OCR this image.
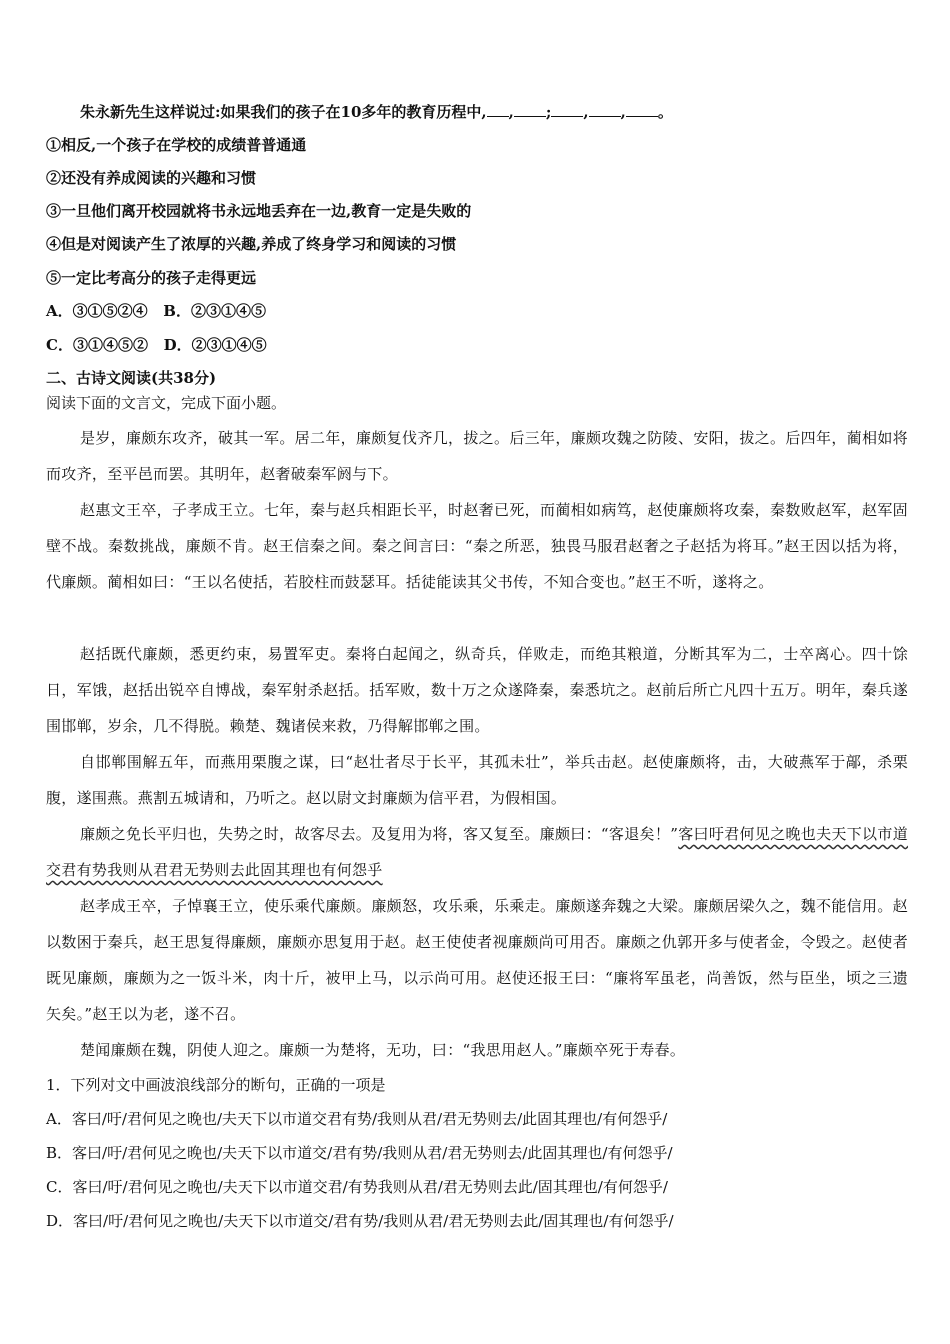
朱永新先生这样说过:如果我们的孩子在10多年的教育历程中, , ; , , 。
①相反,一个孩子在学校的成绩普普通通
②还没有养成阅读的兴趣和习惯
③一旦他们离开校园就将书永远地丢弃在一边,教育一定是失败的
④但是对阅读产生了浓厚的兴趣,养成了终身学习和阅读的习惯
⑤一定比考高分的孩子走得更远
A．③①⑤②④   B．②③①④⑤
C．③①④⑤②   D．②③①④⑤
二、古诗文阅读(共38分)
阅读下面的文言文，完成下面小题。
是岁，廉颇东攻齐，破其一军。居二年，廉颇复伐齐几，拔之。后三年，廉颇攻魏之防陵、安阳，拔之。后四年，蔺相如将而攻齐，至平邑而罢。其明年，赵奢破秦军阏与下。
赵惠文王卒，子孝成王立。七年，秦与赵兵相距长平，时赵奢已死，而蔺相如病笃，赵使廉颇将攻秦，秦数败赵军，赵军固壁不战。秦数挑战，廉颇不肯。赵王信秦之间。秦之间言曰：“秦之所恶，独畏马服君赵奢之子赵括为将耳。”赵王因以括为将，代廉颇。蔺相如曰：“王以名使括，若胶柱而鼓瑟耳。括徒能读其父书传，不知合变也。”赵王不听，遂将之。
赵括既代廉颇，悉更约束，易置军吏。秦将白起闻之，纵奇兵，佯败走，而绝其粮道，分断其军为二，士卒离心。四十馀日，军饿，赵括出锐卒自博战，秦军射杀赵括。括军败，数十万之众遂降秦，秦悉坑之。赵前后所亡凡四十五万。明年，秦兵遂围邯郸，岁余，几不得脱。赖楚、魏诸侯来救，乃得解邯郸之围。
自邯郸围解五年，而燕用栗腹之谋，曰“赵壮者尽于长平，其孤未壮”，举兵击赵。赵使廉颇将，击，大破燕军于鄗，杀栗腹，遂围燕。燕割五城请和，乃听之。赵以尉文封廉颇为信平君，为假相国。
廉颇之免长平归也，失势之时，故客尽去。及复用为将，客又复至。廉颇曰：“客退矣！”客曰吁君何见之晚也夫天下以市道交君有势我则从君君无势则去此固其理也有何怨乎
赵孝成王卒，子悼襄王立，使乐乘代廉颇。廉颇怒，攻乐乘，乐乘走。廉颇遂奔魏之大梁。廉颇居梁久之，魏不能信用。赵以数困于秦兵，赵王思复得廉颇，廉颇亦思复用于赵。赵王使使者视廉颇尚可用否。廉颇之仇郭开多与使者金，令毁之。赵使者既见廉颇，廉颇为之一饭斗米，肉十斤，被甲上马，以示尚可用。赵使还报王曰：“廉将军虽老，尚善饭，然与臣坐，顷之三遗矢矣。”赵王以为老，遂不召。
楚闻廉颇在魏，阴使人迎之。廉颇一为楚将，无功，曰：“我思用赵人。”廉颇卒死于寿春。
1．下列对文中画波浪线部分的断句，正确的一项是
A．客曰/吁/君何见之晚也/夫天下以市道交君有势/我则从君/君无势则去/此固其理也/有何怨乎/
B．客曰/吁/君何见之晚也/夫天下以市道交/君有势/我则从君/君无势则去/此固其理也/有何怨乎/
C．客曰/吁/君何见之晚也/夫天下以市道交君/有势我则从君/君无势则去此/固其理也/有何怨乎/
D．客曰/吁/君何见之晚也/夫天下以市道交/君有势/我则从君/君无势则去此/固其理也/有何怨乎/
